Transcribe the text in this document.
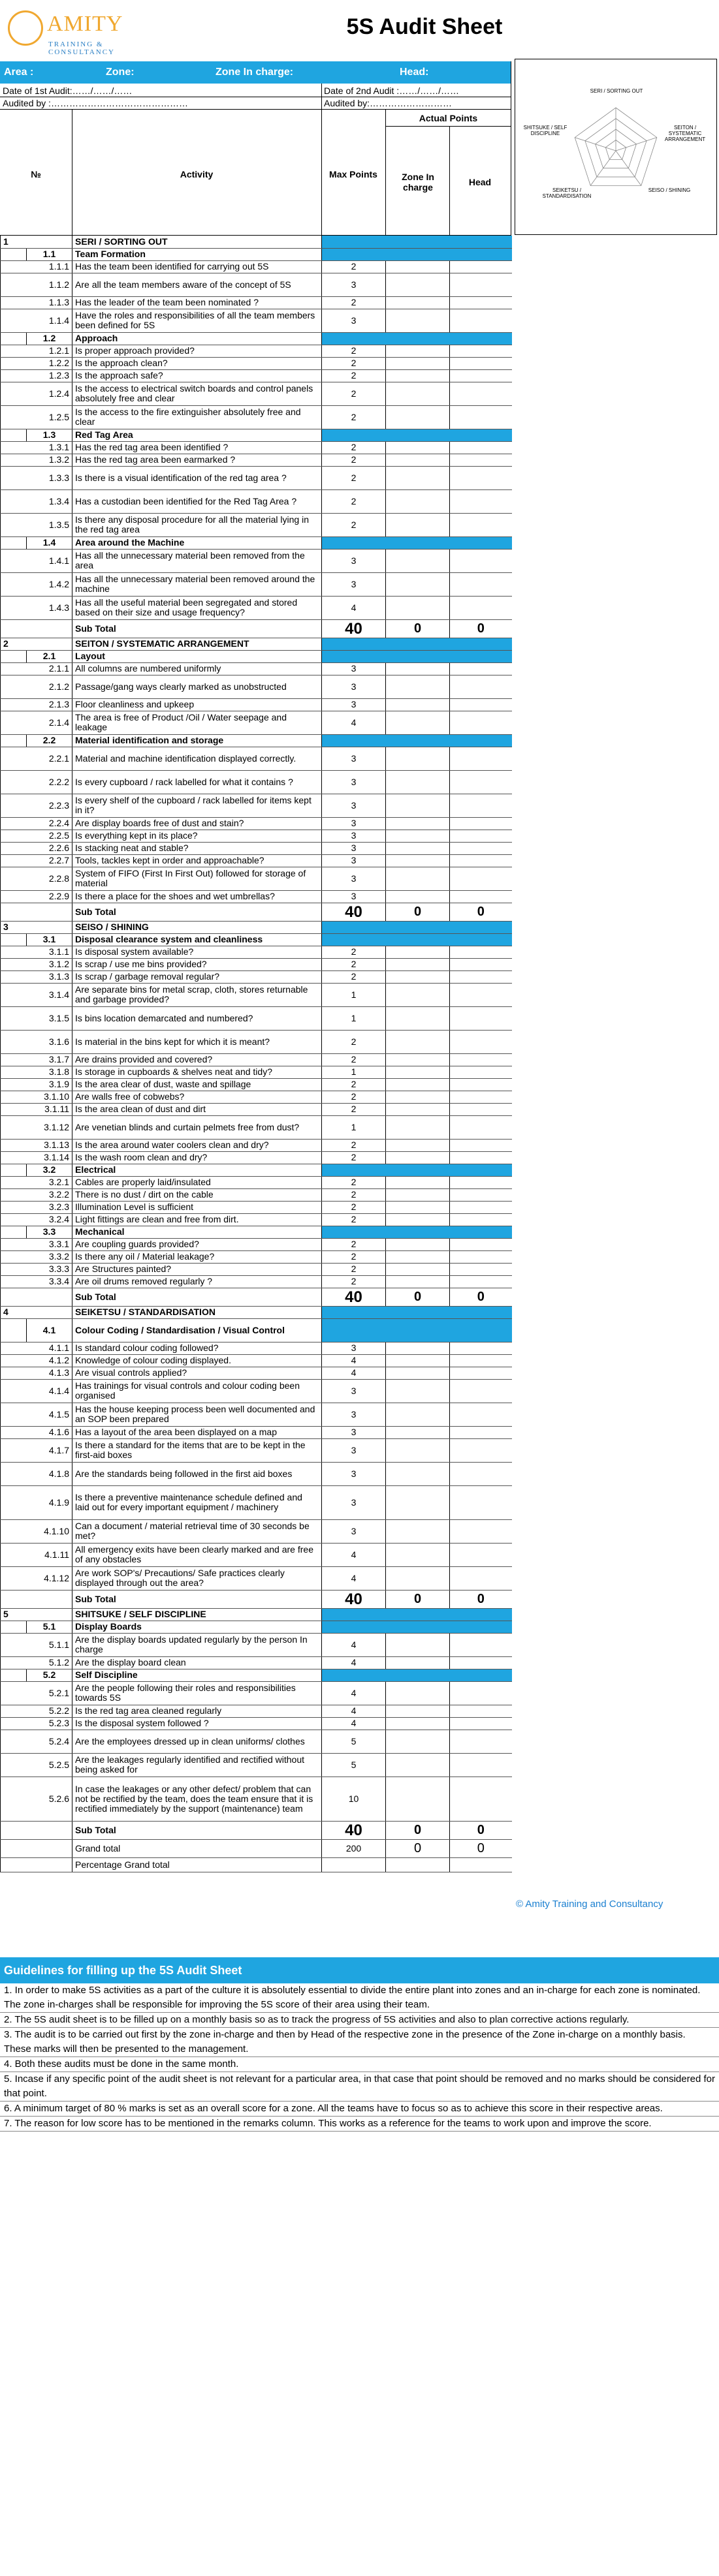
AMITY
TRAINING & CONSULTANCY
5S Audit Sheet
Area :	Zone:	Zone In charge:	Head:
SERI / SORTING OUT
SEITON / SYSTEMATIC ARRANGEMENT
SEISO / SHINING
SEIKETSU / STANDARDISATION
SHITSUKE / SELF DISCIPLINE
Date of 1st Audit:……/……/……	Date of 2nd Audit :……/……/……
Audited by :………………………………………	Audited by:………………………
№	Activity	Max Points
Actual Points
Zone In charge	Head
1		SERI / SORTING OUT			
	1.1	Team Formation			
1.1.1		Has the team been identified for carrying out 5S	2		
1.1.2		Are all the team members aware of the concept of 5S	3		
1.1.3		Has the leader of the team been nominated ?	2		
1.1.4		Have the roles and responsibilities of all the team members been defined for 5S	3		
	1.2	Approach			
1.2.1		Is proper approach provided?	2		
1.2.2		Is the approach clean?	2		
1.2.3		Is the approach safe?	2		
1.2.4		Is the access to electrical switch boards and control panels absolutely free and clear	2		
1.2.5		Is the access to the fire extinguisher absolutely free and clear	2		
	1.3	Red Tag Area			
1.3.1		Has the red tag area been identified ?	2		
1.3.2		Has the red tag area been earmarked ?	2		
1.3.3		Is there is a visual identification of the red tag area ?	2		
1.3.4		Has a custodian been identified for the Red Tag Area ?	2		
1.3.5		Is there any disposal procedure for all the material lying in the red tag area	2		
	1.4	Area around the Machine			
1.4.1		Has all the unnecessary material been removed from the area	3		
1.4.2		Has all the unnecessary material been removed around the machine	3		
1.4.3		Has all the useful material been segregated and stored based on their size and usage frequency?	4		
		Sub Total	40	0	0
2		SEITON / SYSTEMATIC ARRANGEMENT			
	2.1	Layout			
2.1.1		All columns are numbered uniformly	3		
2.1.2		Passage/gang ways clearly marked as unobstructed	3		
2.1.3		Floor cleanliness and upkeep	3		
2.1.4		The area is free of Product /Oil / Water seepage and leakage	4		
	2.2	Material identification and storage			
2.2.1		Material and machine identification displayed correctly.	3		
2.2.2		Is every cupboard / rack labelled for what it contains ?	3		
2.2.3		Is every shelf of the cupboard / rack labelled for items kept in it?	3		
2.2.4		Are display boards free of dust and stain?	3		
2.2.5		Is everything kept in its place?	3		
2.2.6		Is stacking neat and stable?	3		
2.2.7		Tools, tackles kept in order and approachable?	3		
2.2.8		System of FIFO (First In First Out) followed for storage of material	3		
2.2.9		Is there a place for the shoes and wet umbrellas?	3		
		Sub Total	40	0	0
3		SEISO / SHINING			
	3.1	Disposal clearance system and cleanliness			
3.1.1		Is disposal system available?	2		
3.1.2		Is scrap / use me bins provided?	2		
3.1.3		Is scrap / garbage removal regular?	2		
3.1.4		Are separate bins for metal scrap, cloth, stores returnable and garbage provided?	1		
3.1.5		Is bins location demarcated and numbered?	1		
3.1.6		Is material in the bins kept for which it is meant?	2		
3.1.7		Are drains provided and covered?	2		
3.1.8		Is storage in cupboards & shelves neat and tidy?	1		
3.1.9		Is the area clear of dust, waste and spillage	2		
3.1.10		Are walls free of cobwebs?	2		
3.1.11		Is the area clean of dust and dirt	2		
3.1.12		Are venetian blinds and curtain pelmets free from dust?	1		
3.1.13		Is the area around water coolers clean and dry?	2		
3.1.14		Is the wash room clean and dry?	2		
	3.2	Electrical			
3.2.1		Cables are properly laid/insulated	2		
3.2.2		There is no dust / dirt on the cable	2		
3.2.3		Illumination Level is sufficient	2		
3.2.4		Light fittings are clean and free from dirt.	2		
	3.3	Mechanical			
3.3.1		Are coupling guards provided?	2		
3.3.2		Is there any oil / Material leakage?	2		
3.3.3		Are Structures painted?	2		
3.3.4		Are oil drums removed regularly ?	2		
		Sub Total	40	0	0
4		SEIKETSU / STANDARDISATION			
	4.1	Colour Coding / Standardisation / Visual Control			
4.1.1		Is standard colour coding followed?	3		
4.1.2		Knowledge of colour coding displayed.	4		
4.1.3		Are visual controls applied?	4		
4.1.4		Has trainings for visual controls and colour coding been organised	3		
4.1.5		Has the house keeping process been well documented and an SOP been prepared	3		
4.1.6		Has a layout of the area been displayed on a map	3		
4.1.7		Is there a standard for the items that are to be kept in the first-aid boxes	3		
4.1.8		Are the standards being followed in the first aid boxes	3		
4.1.9		Is there a preventive maintenance schedule defined and laid out for every important equipment / machinery	3		
4.1.10		Can a document / material retrieval time of 30 seconds be met?	3		
4.1.11		All emergency exits have been clearly marked and are free of any obstacles	4		
4.1.12		Are work SOP's/ Precautions/ Safe practices clearly displayed through out the area?	4		
		Sub Total	40	0	0
5		SHITSUKE / SELF DISCIPLINE			
	5.1	Display Boards			
5.1.1		Are the display boards updated regularly by the person In charge	4		
5.1.2		Are the display board clean	4		
	5.2	Self Discipline			
5.2.1		Are the people following their roles and responsibilities towards 5S	4		
5.2.2		Is the red tag area cleaned regularly	4		
5.2.3		Is the disposal system followed ?	4		
5.2.4		Are the employees dressed up in clean uniforms/ clothes	5		
5.2.5		Are the leakages regularly identified and rectified without being asked for	5		
5.2.6		In case the leakages or any other defect/ problem that can not be rectified by the team, does the team ensure that it is rectified immediately by the support (maintenance) team	10		
		Sub Total	40	0	0
		Grand total	200	0	0
		Percentage Grand total			
© Amity Training and Consultancy
Guidelines for filling up the 5S Audit Sheet
1. In order to make 5S activities as a part of the culture it is absolutely essential to divide the entire plant into zones and an in-charge for each zone is nominated. The zone in-charges shall be responsible for improving the 5S score of their area using their team.
2. The 5S audit sheet is to be filled up on a monthly basis so as to track the progress of 5S activities and also to plan corrective actions regularly.
3. The audit is to be carried out first by the zone in-charge and then by Head of the respective zone in the presence of the Zone in-charge on a monthly basis. These marks will then be presented to the management.
4. Both these audits must be done in the same month.
5. Incase if any specific point of the audit sheet is not relevant for a particular area, in that case that point should be removed and no marks should be considered for that point.
6. A minimum target of 80 % marks is set as an overall score for a zone. All the teams have to focus so as to achieve this score in their respective areas.
7. The reason for low score has to be mentioned in the remarks column. This works as a reference for the teams to work upon and improve the score.
